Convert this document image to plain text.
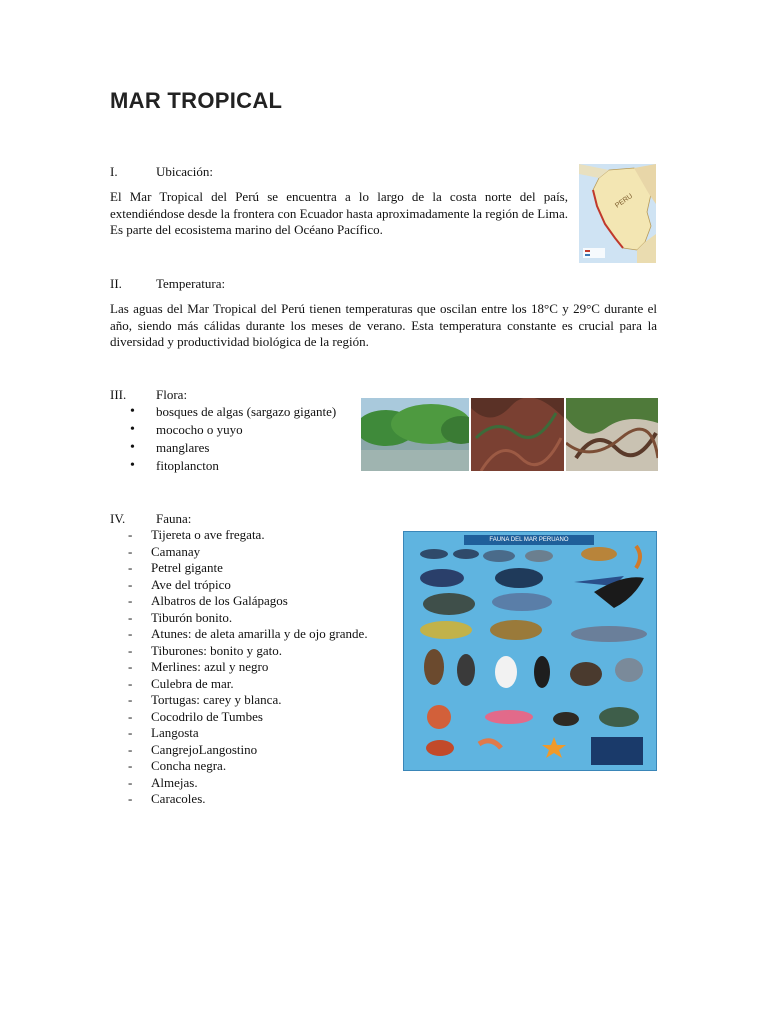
MAR TROPICAL
I.	Ubicación:

El Mar Tropical del Perú se encuentra a lo largo de la costa norte del país, extendiéndose desde la frontera con Ecuador hasta aproximadamente la región de Lima. Es parte del ecosistema marino del Océano Pacífico.

PERU
II.	Temperatura:

Las aguas del Mar Tropical del Perú tienen temperaturas que oscilan entre los 18°C y 29°C durante el año, siendo más cálidas durante los meses de verano. Esta temperatura constante es crucial para la diversidad y productividad biológica de la región.

III. Flora:
• bosques de algas (sargazo gigante)
• mococho o yuyo
• manglares
• fitoplancton
IV. Fauna:
- Tijereta o ave fregata.
- Camanay
- Petrel gigante
- Ave del trópico
- Albatros de los Galápagos
- Tiburón bonito.
- Atunes: de aleta amarilla y de ojo grande.
- Tiburones: bonito y gato.
- Merlines: azul y negro
- Culebra de mar.
- Tortugas: carey y blanca.
- Cocodrilo de Tumbes
- Langosta
- CangrejoLangostino
- Concha negra.
- Almejas.
- Caracoles.
FAUNA DEL MAR PERUANO
